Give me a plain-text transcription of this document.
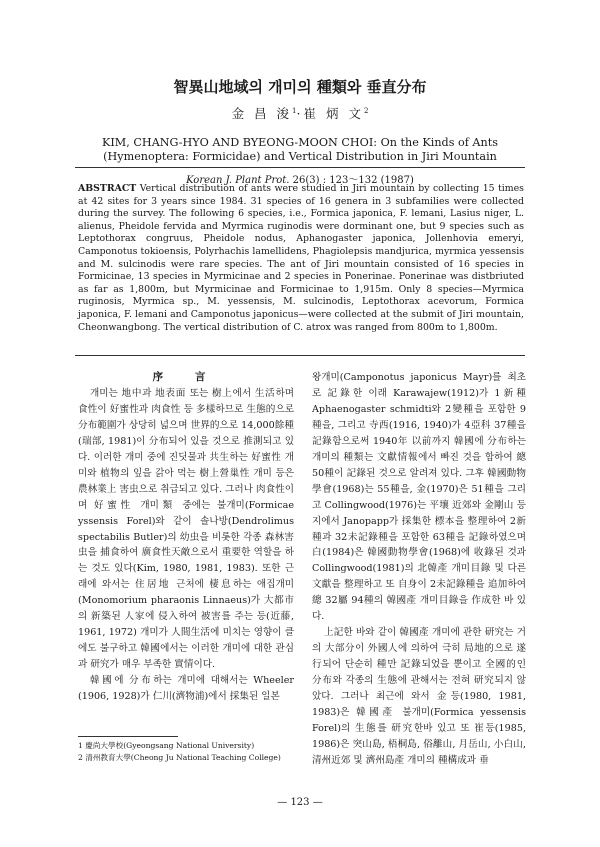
智異山地域의 개미의 種類와 垂直分布
金 昌 浚$^1$·崔 炳 文$^2$
KIM, CHANG-HYO AND BYEONG-MOON CHOI: On the Kinds of Ants
(Hymenoptera: Formicidae) and Vertical Distribution in Jiri Mountain
Korean J. Plant Prot. 26(3) : 123～132 (1987)
ABSTRACT Vertical distribution of ants were studied in Jiri mountain by collecting 15 times at 42 sites for 3 years since 1984. 31 species of 16 genera in 3 subfamilies were collected during the survey. The following 6 species, i.e., Formica japonica, F. lemani, Lasius niger, L. alienus, Pheidole fervida and Myrmica ruginodis were dorminant one, but 9 species such as Leptothorax congruus, Pheidole nodus, Aphanogaster japonica, Jollenhovia emeryi, Camponotus tokioensis, Polyrhachis lamellidens, Phagiolepsis mandjurica, myrmica yessensis and M. sulcinodis were rare species. The ant of Jiri mountain consisted of 16 species in Formicinae, 13 species in Myrmicinae and 2 species in Ponerinae. Ponerinae was distbriuted as far as 1,800m, but Myrmicinae and Formicinae to 1,915m. Only 8 species—Myrmica ruginosis, Myrmica sp., M. yessensis, M. sulcinodis, Leptothorax acevorum, Formica japonica, F. lemani and Camponotus japonicus—were collected at the submit of Jiri mountain, Cheonwangbong. The vertical distribution of C. atrox was ranged from 800m to 1,800m.

序 言

개미는 地中과 地表面 또는 樹上에서 生活하며 食性이 好蜜性과 肉食性 등 多樣하므로 生態的으로 分布範圍가 상당히 넓으며 世界的으로 14,000餘種(瑞部, 1981)이 分布되어 있을 것으로 推測되고 있다. 이러한 개미 중에 진딧물과 共生하는 好蜜性 개미와 植物의 잎을 갉아 먹는 樹上營巢性 개미 등은 農林業上 害虫으로 취급되고 있다. 그러나 肉食性이며 好蜜性 개미類 중에는 불개미(Formicae yssensis Forel)와 같이 솔나방(Dendrolimus spectabilis Butler)의 幼虫을 비롯한 각종 森林害虫을 捕食하여 廣食性天敵으로서 重要한 역할을 하는 것도 있다(Kim, 1980, 1981, 1983). 또한 근래에 와서는 住居地 근처에 棲息하는 애집개미(Monomorium pharaonis Linnaeus)가 大都市의 新築된 人家에 侵入하여 被害를 주는 등(近藤, 1961, 1972) 개미가 人間生活에 미치는 영향이 클에도 불구하고 韓國에서는 이러한 개미에 대한 관심과 研究가 매우 부족한 實情이다.

韓國에 分布하는 개미에 대해서는 Wheeler (1906, 1928)가 仁川(濟物浦)에서 採集된 일본

왕개미(Camponotus japonicus Mayr)를 최초로 記錄한 이래 Karawajew(1912)가 1新種 Aphaenogaster schmidti와 2變種을 포함한 9種을, 그리고 寺西(1916, 1940)가 4亞科 37種을 記錄함으로써 1940年 以前까지 韓國에 分布하는 개미의 種類는 文獻情報에서 빠진 것을 합하여 總50種이 記錄된 것으로 알려져 있다. 그후 韓國動物學會(1968)는 55種을, 金(1970)은 51種을 그리고 Collingwood(1976)는 平壤 近郊와 金剛山 등지에서 Janopapp가 採集한 標本을 整理하여 2新種과 32未記錄種을 포함한 63種을 記錄하였으며 白(1984)은 韓國動物學會(1968)에 收錄된 것과 Collingwood(1981)의 北韓產 개미目錄 및 다른 文獻을 整理하고 또 自身이 2未記錄種을 追加하여 總 32屬 94種의 韓國產 개미目錄을 作成한 바 있다.

上記한 바와 같이 韓國產 개미에 관한 研究는 거의 大部分이 外國人에 의하여 극히 局地的으로 遂行되어 단순히 種만 記錄되었을 뿐이고 全國的인 分布와 각종의 生態에 관해서는 전혀 研究되지 않았다. 그러나 최근에 와서 金등(1980, 1981, 1983)은 韓國產 불개미(Formica yessensis Forel)의 生態를 研究한바 있고 또 崔등(1985, 1986)은 突山島, 梧桐島, 俗離山, 月岳山, 小白山, 清州近郊 및 濟州島產 개미의 種構成과 垂

1 慶尚大學校(Gyeongsang National University)
2 清州教育大學(Cheong Ju National Teaching College)
— 123 —
